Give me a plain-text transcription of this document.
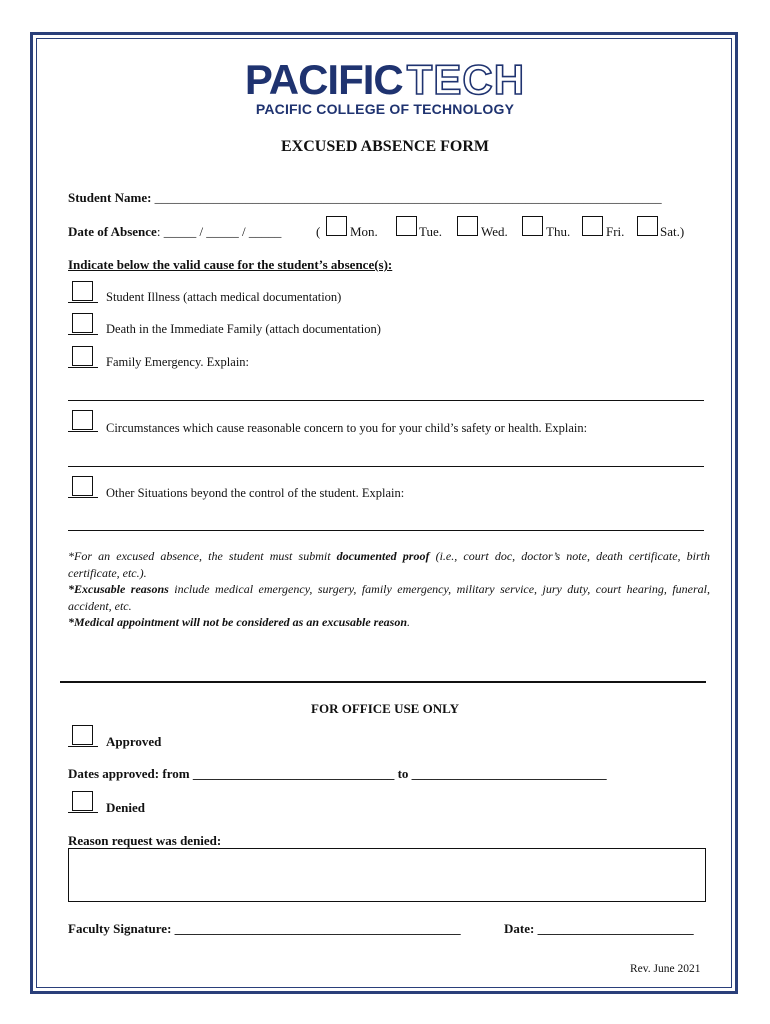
PACIFICTECH
PACIFIC COLLEGE OF TECHNOLOGY
EXCUSED ABSENCE FORM
Student Name: ______________________________________________________________________________
Date of Absence: _____ / _____ / _____	( Mon.	Tue.	Wed.	Thu.	Fri.	Sat.)
Indicate below the valid cause for the student’s absence(s):
Student Illness (attach medical documentation)
Death in the Immediate Family (attach documentation)
Family Emergency. Explain:
Circumstances which cause reasonable concern to you for your child’s safety or health. Explain:
Other Situations beyond the control of the student. Explain:

*For an excused absence, the student must submit documented proof (i.e., court doc, doctor’s note, death certificate, birth certificate, etc.).

*Excusable reasons include medical emergency, surgery, family emergency, military service, jury duty, court hearing, funeral, accident, etc.

*Medical appointment will not be considered as an excusable reason.

FOR OFFICE USE ONLY
Approved
Dates approved: from _______________________________ to ______________________________
Denied
Reason request was denied:
Faculty Signature: ____________________________________________	Date: ________________________
Rev. June 2021
